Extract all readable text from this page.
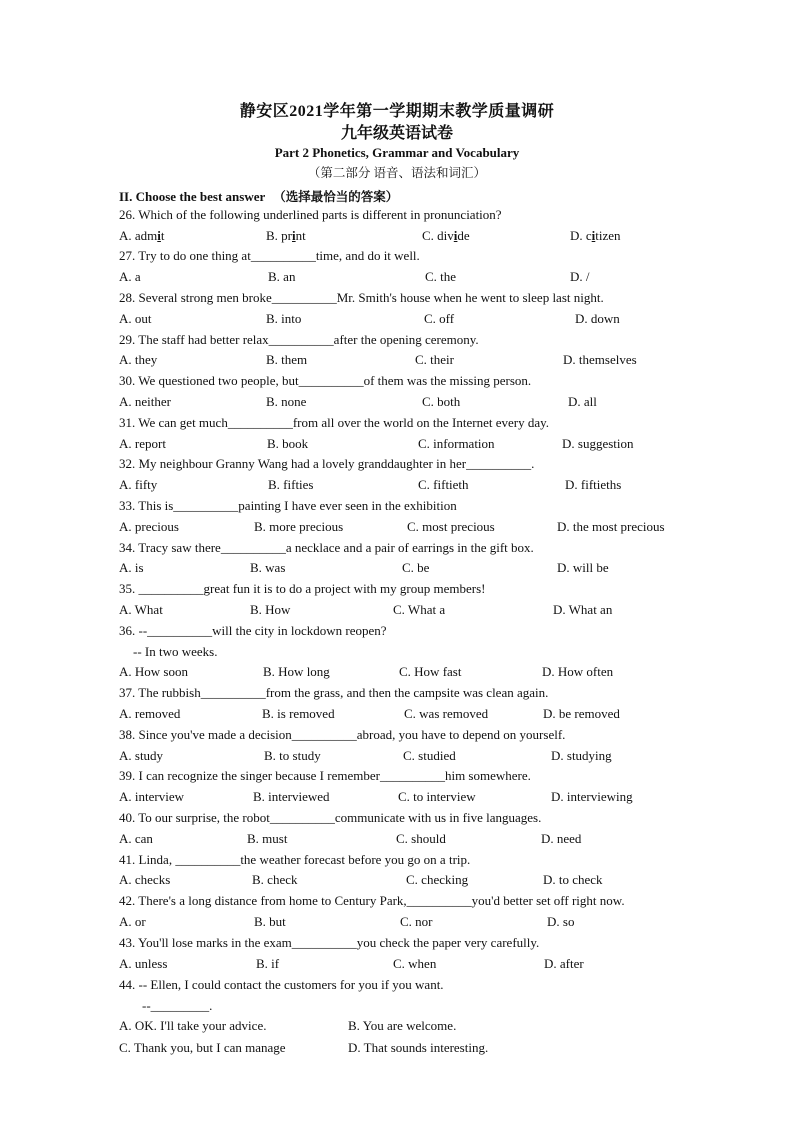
静安区2021学年第一学期期末教学质量调研
九年级英语试卷
Part 2 Phonetics, Grammar and Vocabulary
（第二部分 语音、语法和词汇）
II. Choose the best answer （选择最恰当的答案）
26. Which of the following underlined parts is different in pronunciation?
A. admit	B. print	C. divide	D. citizen
27. Try to do one thing at__________time, and do it well.
A. a	B. an	C. the	D. /
28. Several strong men broke__________Mr. Smith's house when he went to sleep last night.
A. out	B. into	C. off	D. down
29. The staff had better relax__________after the opening ceremony.
A. they	B. them	C. their	D. themselves
30. We questioned two people, but__________of them was the missing person.
A. neither	B. none	C. both	D. all
31. We can get much__________from all over the world on the Internet every day.
A. report	B. book	C. information	D. suggestion
32. My neighbour Granny Wang had a lovely granddaughter in her__________.
A. fifty	B. fifties	C. fiftieth	D. fiftieths
33. This is__________painting I have ever seen in the exhibition
A. precious	B. more precious	C. most precious	D. the most precious
34. Tracy saw there__________a necklace and a pair of earrings in the gift box.
A. is	B. was	C. be	D. will be
35. __________great fun it is to do a project with my group members!
A. What	B. How	C. What a	D. What an
36. --__________will the city in lockdown reopen?
-- In two weeks.
A. How soon	B. How long	C. How fast	D. How often
37. The rubbish__________from the grass, and then the campsite was clean again.
A. removed	B. is removed	C. was removed	D. be removed
38. Since you've made a decision__________abroad, you have to depend on yourself.
A. study	B. to study	C. studied	D. studying
39. I can recognize the singer because I remember__________him somewhere.
A. interview	B. interviewed	C. to interview	D. interviewing
40. To our surprise, the robot__________communicate with us in five languages.
A. can	B. must	C. should	D. need
41. Linda, __________the weather forecast before you go on a trip.
A. checks	B. check	C. checking	D. to check
42. There's a long distance from home to Century Park,__________you'd better set off right now.
A. or	B. but	C. nor	D. so
43. You'll lose marks in the exam__________you check the paper very carefully.
A. unless	B. if	C. when	D. after
44. -- Ellen, I could contact the customers for you if you want.
--_________.
A. OK. I'll take your advice.	B. You are welcome.
C. Thank you, but I can manage	D. That sounds interesting.
